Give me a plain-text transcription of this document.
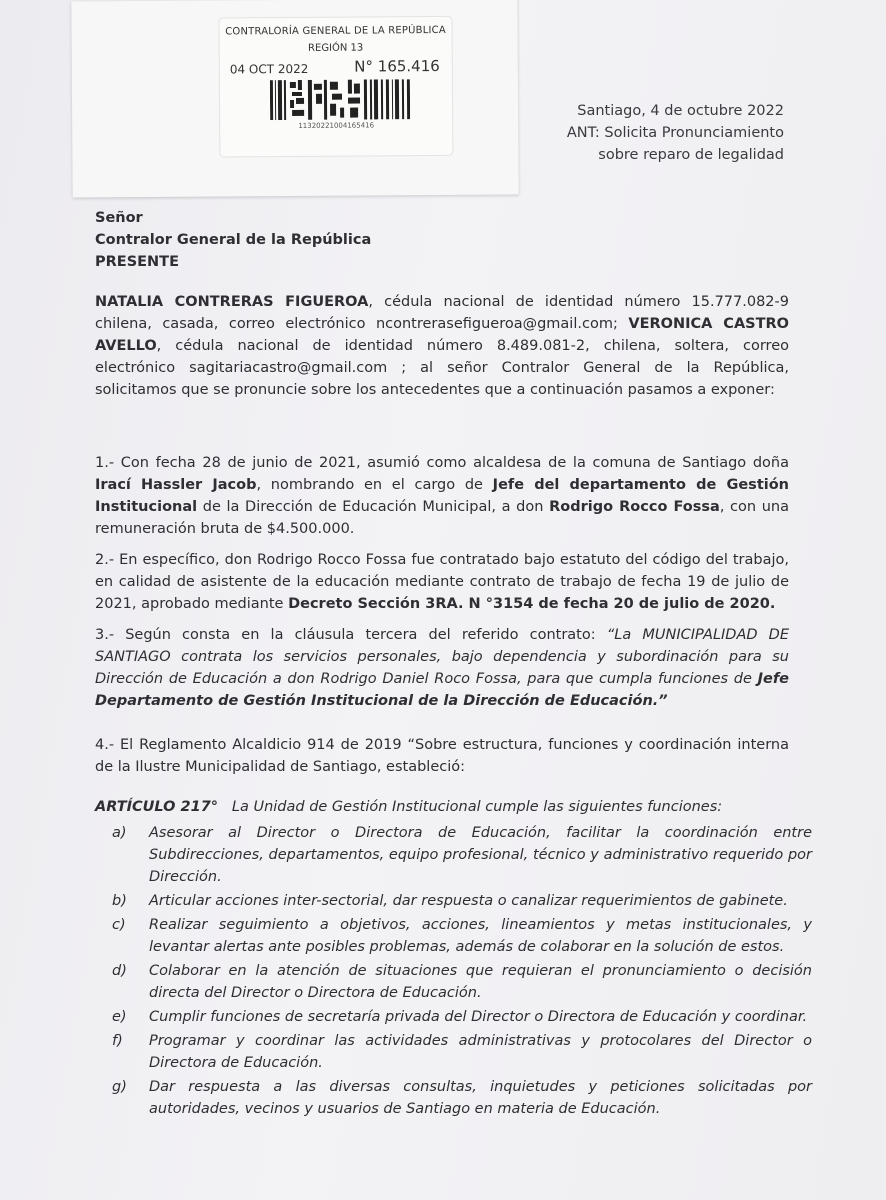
CONTRALORÍA GENERAL DE LA REPÚBLICA
REGIÓN 13
04 OCT 2022	N° 165.416
11320221004165416
Santiago, 4 de octubre 2022
ANT: Solicita Pronunciamiento
sobre reparo de legalidad
Señor
Contralor General de la República
PRESENTE
NATALIA CONTRERAS FIGUEROA, cédula nacional de identidad número 15.777.082-9 chilena, casada, correo electrónico ncontrerasefigueroa@gmail.com; VERONICA CASTRO AVELLO, cédula nacional de identidad número 8.489.081-2, chilena, soltera, correo electrónico sagitariacastro@gmail.com ; al señor Contralor General de la República, solicitamos que se pronuncie sobre los antecedentes que a continuación pasamos a exponer:
1.- Con fecha 28 de junio de 2021, asumió como alcaldesa de la comuna de Santiago doña Irací Hassler Jacob, nombrando en el cargo de Jefe del departamento de Gestión Institucional de la Dirección de Educación Municipal, a don Rodrigo Rocco Fossa, con una remuneración bruta de $4.500.000.
2.- En específico, don Rodrigo Rocco Fossa fue contratado bajo estatuto del código del trabajo, en calidad de asistente de la educación mediante contrato de trabajo de fecha 19 de julio de 2021, aprobado mediante Decreto Sección 3RA. N °3154 de fecha 20 de julio de 2020.
3.- Según consta en la cláusula tercera del referido contrato: “La MUNICIPALIDAD DE SANTIAGO contrata los servicios personales, bajo dependencia y subordinación para su Dirección de Educación a don Rodrigo Daniel Roco Fossa, para que cumpla funciones de Jefe Departamento de Gestión Institucional de la Dirección de Educación.”
4.- El Reglamento Alcaldicio 914 de 2019 “Sobre estructura, funciones y coordinación interna de la Ilustre Municipalidad de Santiago, estableció:
ARTÍCULO 217° La Unidad de Gestión Institucional cumple las siguientes funciones:
a) Asesorar al Director o Directora de Educación, facilitar la coordinación entre Subdirecciones, departamentos, equipo profesional, técnico y administrativo requerido por Dirección.
b) Articular acciones inter-sectorial, dar respuesta o canalizar requerimientos de gabinete.
c) Realizar seguimiento a objetivos, acciones, lineamientos y metas institucionales, y levantar alertas ante posibles problemas, además de colaborar en la solución de estos.
d) Colaborar en la atención de situaciones que requieran el pronunciamiento o decisión directa del Director o Directora de Educación.
e) Cumplir funciones de secretaría privada del Director o Directora de Educación y coordinar.
f) Programar y coordinar las actividades administrativas y protocolares del Director o Directora de Educación.
g) Dar respuesta a las diversas consultas, inquietudes y peticiones solicitadas por autoridades, vecinos y usuarios de Santiago en materia de Educación.
